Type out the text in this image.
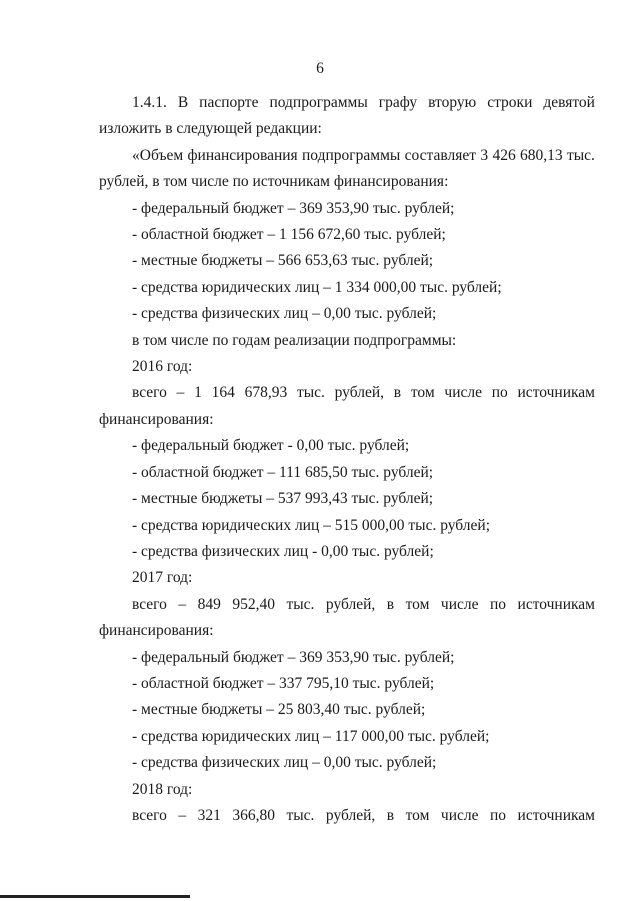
6
1.4.1. В паспорте подпрограммы графу вторую строки девятой
изложить в следующей редакции:
«Объем финансирования подпрограммы составляет 3 426 680,13 тыс.
рублей, в том числе по источникам финансирования:
- федеральный бюджет – 369 353,90 тыс. рублей;
- областной бюджет – 1 156 672,60 тыс. рублей;
- местные бюджеты – 566 653,63 тыс. рублей;
- средства юридических лиц – 1 334 000,00 тыс. рублей;
- средства физических лиц – 0,00 тыс. рублей;
в том числе по годам реализации подпрограммы:
2016 год:
всего – 1 164 678,93 тыс. рублей, в том числе по источникам
финансирования:
- федеральный бюджет - 0,00 тыс. рублей;
- областной бюджет – 111 685,50 тыс. рублей;
- местные бюджеты – 537 993,43 тыс. рублей;
- средства юридических лиц – 515 000,00 тыс. рублей;
- средства физических лиц - 0,00 тыс. рублей;
2017 год:
всего – 849 952,40 тыс. рублей, в том числе по источникам
финансирования:
- федеральный бюджет – 369 353,90 тыс. рублей;
- областной бюджет – 337 795,10 тыс. рублей;
- местные бюджеты – 25 803,40 тыс. рублей;
- средства юридических лиц – 117 000,00 тыс. рублей;
- средства физических лиц – 0,00 тыс. рублей;
2018 год:
всего – 321 366,80 тыс. рублей, в том числе по источникам
